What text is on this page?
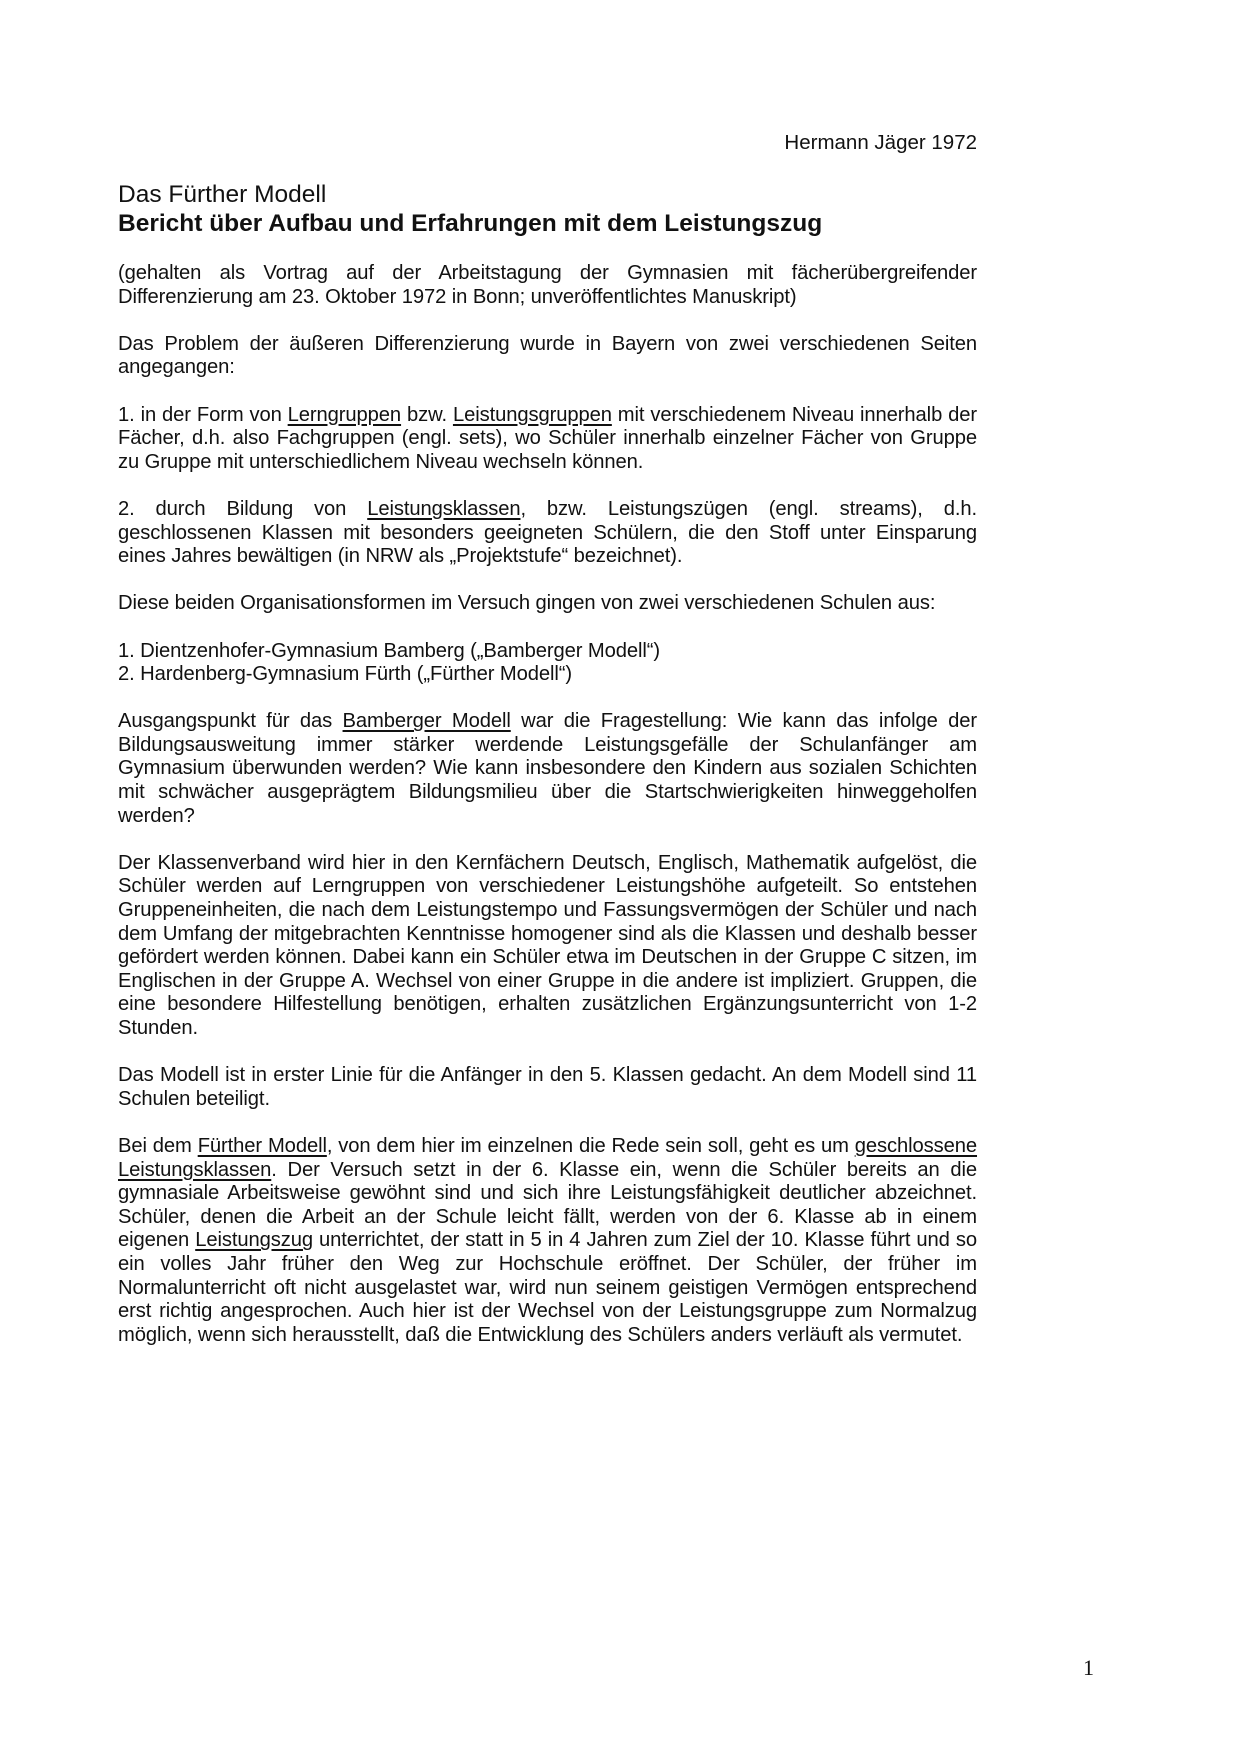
Hermann Jäger 1972
Das Fürther Modell
Bericht über Aufbau und Erfahrungen mit dem Leistungszug

(gehalten als Vortrag auf der Arbeitstagung der Gymnasien mit fächerübergreifender Differenzierung am 23. Oktober 1972 in Bonn; unveröffentlichtes Manuskript)

Das Problem der äußeren Differenzierung wurde in Bayern von zwei verschiedenen Seiten angegangen:

1. in der Form von Lerngruppen bzw. Leistungsgruppen mit verschiedenem Niveau innerhalb der Fächer, d.h. also Fachgruppen (engl. sets), wo Schüler innerhalb einzelner Fächer von Gruppe zu Gruppe mit unterschiedlichem Niveau wechseln können.

2. durch Bildung von Leistungsklassen, bzw. Leistungszügen (engl. streams), d.h. geschlossenen Klassen mit besonders geeigneten Schülern, die den Stoff unter Einsparung eines Jahres bewältigen (in NRW als „Projektstufe“ bezeichnet).

Diese beiden Organisationsformen im Versuch gingen von zwei verschiedenen Schulen aus:

1. Dientzenhofer-Gymnasium Bamberg („Bamberger Modell“)
2. Hardenberg-Gymnasium Fürth („Fürther Modell“)

Ausgangspunkt für das Bamberger Modell war die Fragestellung: Wie kann das infolge der Bildungsausweitung immer stärker werdende Leistungsgefälle der Schulanfänger am Gymnasium überwunden werden? Wie kann insbesondere den Kindern aus sozialen Schichten mit schwächer ausgeprägtem Bildungsmilieu über die Startschwierigkeiten hinweggeholfen werden?

Der Klassenverband wird hier in den Kernfächern Deutsch, Englisch, Mathematik aufgelöst, die Schüler werden auf Lerngruppen von verschiedener Leistungshöhe aufgeteilt. So entstehen Gruppeneinheiten, die nach dem Leistungstempo und Fassungsvermögen der Schüler und nach dem Umfang der mitgebrachten Kenntnisse homogener sind als die Klassen und deshalb besser gefördert werden können. Dabei kann ein Schüler etwa im Deutschen in der Gruppe C sitzen, im Englischen in der Gruppe A. Wechsel von einer Gruppe in die andere ist impliziert. Gruppen, die eine besondere Hilfestellung benötigen, erhalten zusätzlichen Ergänzungsunterricht von 1-2 Stunden.

Das Modell ist in erster Linie für die Anfänger in den 5. Klassen gedacht. An dem Modell sind 11 Schulen beteiligt.

Bei dem Fürther Modell, von dem hier im einzelnen die Rede sein soll, geht es um geschlossene Leistungsklassen. Der Versuch setzt in der 6. Klasse ein, wenn die Schüler bereits an die gymnasiale Arbeitsweise gewöhnt sind und sich ihre Leistungsfähigkeit deutlicher abzeichnet. Schüler, denen die Arbeit an der Schule leicht fällt, werden von der 6. Klasse ab in einem eigenen Leistungszug unterrichtet, der statt in 5 in 4 Jahren zum Ziel der 10. Klasse führt und so ein volles Jahr früher den Weg zur Hochschule eröffnet. Der Schüler, der früher im Normalunterricht oft nicht ausgelastet war, wird nun seinem geistigen Vermögen entsprechend erst richtig angesprochen. Auch hier ist der Wechsel von der Leistungsgruppe zum Normalzug möglich, wenn sich herausstellt, daß die Entwicklung des Schülers anders verläuft als vermutet.

1
